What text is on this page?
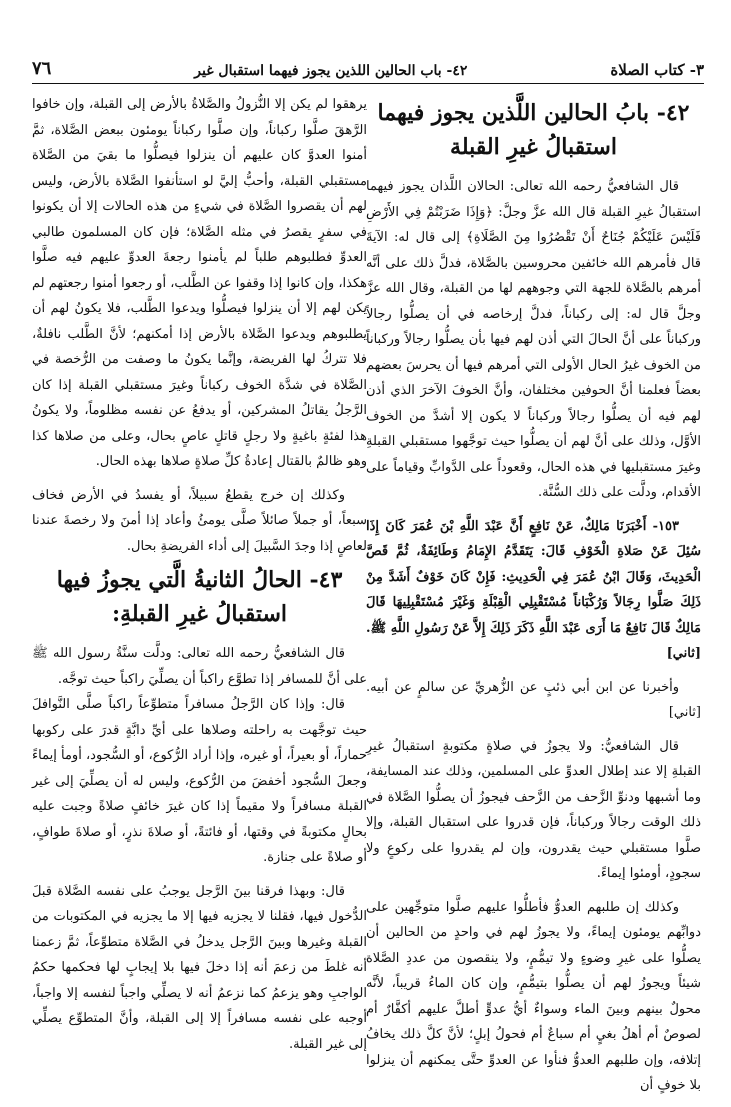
٣- كتاب الصلاة
٤٢- باب الحالين اللذين يجوز فيهما استقبال غير
٧٦
٤٢- بابُ الحالين اللَّذين يجوز فيهما استقبالُ غيرِ القبلة

قال الشافعيُّ رحمه الله تعالى: الحالان اللَّذان يجوز فيهما استقبالُ غيرِ القبلة قال الله عزَّ وجلَّ: ﴿وَإِذَا ضَرَبْتُمْ فِي الأَرْضِ فَلَيْسَ عَلَيْكُمْ جُنَاحٌ أَنْ تَقْصُرُوا مِنَ الصَّلَاةِ﴾ إلى قال له: الآيةَ قال فأمرهم الله خائفين محروسين بالصَّلاة، فدلَّ ذلك على أنَّه أمرهم بالصَّلاة للجهة التي وجوههم لها من القبلة، وقال الله عزَّ وجلَّ قال له: إلى ركباناً، فدلَّ إرخاصه في أن يصلُّوا رجالاً وركباناً على أنَّ الحالَ التي أذن لهم فيها بأن يصلُّوا رجالاً وركباناً من الخوف غيرُ الحال الأولى التي أمرهم فيها أن يحرسَ بعضهم بعضاً فعلمنا أنَّ الحوفين مختلفان، وأنَّ الخوفَ الآخرَ الذي أذن لهم فيه أن يصلُّوا رجالاً وركباناً لا يكون إلا أشدَّ من الخوف الأوَّل، وذلك على أنَّ لهم أن يصلُّوا حيث توجَّهوا مستقبلي القبلةِ وغيرَ مستقبليها في هذه الحال، وقعوداً على الدَّوابِّ وقياماً على الأقدام، ودلَّت على ذلك السُّنَّة.

١٥٣- أَخْبَرَنَا مَالِكٌ، عَنْ نَافِعٍ أَنَّ عَبْدَ اللَّهِ بْنَ عُمَرَ كَانَ إِذَا سُئِلَ عَنْ صَلاةِ الْخَوْفِ قَالَ: يَتَقَدَّمُ الإِمَامُ وَطَائِفَةٌ، ثُمَّ قَصَّ الْحَدِيثَ، وَقَالَ ابْنُ عُمَرَ فِي الْحَدِيثِ: فَإِنْ كَانَ خَوْفٌ أَشَدَّ مِنْ ذَلِكَ صَلَّوا رِجَالاً وَرُكْبَاناً مُسْتَقْبِلِي الْقِبْلَةِ وَغَيْرَ مُسْتَقْبِلِيهَا قَالَ مَالِكٌ قَالَ نَافِعٌ مَا أَرَى عَبْدَ اللَّهِ ذَكَرَ ذَلِكَ إِلاَّ عَنْ رَسُولِ اللَّهِ ﷺ. [ثاني]

وأخبرنا عن ابن أبي ذئبٍ عن الزُّهريِّ عن سالمٍ عن أبيه. [ثاني]

قال الشافعيُّ: ولا يجوزُ في صلاةٍ مكتوبةٍ استقبالُ غيرِ القبلةِ إلا عند إطلال العدوِّ على المسلمين، وذلك عند المسايفة، وما أشبهها ودنوِّ الزَّحف من الزَّحف فيجوزُ أن يصلُّوا الصَّلاة في ذلك الوقت رجالاً وركباناً، فإن قدروا على استقبال القبلة، وإلا صلَّوا مستقبلي حيث يقدرون، وإن لم يقدروا على ركوعٍ ولا سجودٍ، أومئوا إيماءً.

وكذلك إن طلبهم العدوُّ فأطلُّوا عليهم صلَّوا متوجِّهين على دوابِّهم يومئون إيماءً، ولا يجوزُ لهم في واحدٍ من الحالين أن يصلُّوا على غيرِ وضوءٍ ولا تيمُّمٍ، ولا ينقصون من عددِ الصَّلاة شيئاً ويجوزُ لهم أن يصلُّوا بتيمُّمٍ، وإن كان الماءُ قريباً، لأنَّه محولٌ بينهم وبينَ الماء وسواءٌ أيُّ عدوٍّ أطلَّ عليهم أكفَّارٌ أم لصوصٌ أم أهلُ بغيٍ أم سباعٌ أم فحولُ إبلٍ؛ لأنَّ كلَّ ذلك يخافُ إتلافه، وإن طلبهم العدوُّ فنأوا عن العدوِّ حتَّى يمكنهم أن ينزلوا بلا خوفٍ أن

يرهقوا لم يكن إلا النُّزولُ والصَّلاةُ بالأرض إلى القبلة، وإن خافوا الرَّهقَ صلَّوا ركباناً، وإن صلَّوا ركباناً يومئون ببعض الصَّلاة، ثمَّ أمنوا العدوَّ كان عليهم أن ينزلوا فيصلُّوا ما بقيَ من الصَّلاة مستقبلي القبلة، وأحبُّ إليَّ لو استأنفوا الصَّلاة بالأرض، وليس لهم أن يقصروا الصَّلاة في شيءٍ من هذه الحالات إلا أن يكونوا في سفرٍ يقصرُ في مثله الصَّلاة؛ فإن كان المسلمون طالبي العدوِّ فطلبوهم طلباً لم يأمنوا رجعةَ العدوِّ عليهم فيه صلَّوا هكذا، وإن كانوا إذا وقفوا عن الطَّلب، أو رجعوا أمنوا رجعتهم لم يكن لهم إلا أن ينزلوا فيصلُّوا ويدعوا الطَّلب، فلا يكونُ لهم أن يطلبوهم ويدعوا الصَّلاة بالأرض إذا أمكنهم؛ لأنَّ الطَّلب نافلةٌ، فلا تتركُ لها الفريضة، وإنَّما يكونُ ما وصفت من الرُّخصة في الصَّلاة في شدَّة الخوف ركباناً وغيرَ مستقبلي القبلة إذا كان الرَّجلُ يقاتلُ المشركين، أو يدفعُ عن نفسه مظلوماً، ولا يكونُ هذا لفئةٍ باغيةٍ ولا رجلٍ قاتلٍ عاصٍ بحال، وعلى من صلاها كذا وهو ظالمٌ بالقتال إعادةُ كلِّ صلاةٍ صلاها بهذه الحال.

وكذلك إن خرج يقطعُ سبيلاً، أو يفسدُ في الأرض فخاف سبعاً، أو جملاً صائلاً صلَّى يومئُ وأعاد إذا أمنَ ولا رخصةَ عندنا لعاصٍ إذا وجدَ السَّبيلَ إلى أداء الفريضةِ بحال.

٤٣- الحالُ الثانيةُ الَّتي يجوزُ فيها استقبالُ غيرِ القبلةِ:

قال الشافعيُّ رحمه الله تعالى: ودلَّت سنَّةُ رسول الله ﷺ على أنَّ للمسافر إذا تطوَّع راكباً أن يصلِّيَ راكباً حيث توجَّه.

قال: وإذا كان الرَّجلُ مسافراً متطوِّعاً راكباً صلَّى النَّوافلَ حيث توجَّهت به راحلته وصلاها على أيِّ دابَّةٍ قدرَ على ركوبها حماراً، أو بعيراً، أو غيره، وإذا أراد الرُّكوع، أو السُّجود، أومأ إيماءً وجعلَ السُّجود أخفضَ من الرُّكوع، وليس له أن يصلِّيَ إلى غير القبلة مسافراً ولا مقيماً إذا كان غيرَ خائفٍ صلاةً وجبت عليه بحالٍ مكتوبةً في وقتها، أو فائتةً، أو صلاةَ نذرٍ، أو صلاةَ طوافٍ، أو صلاةً على جنازة.

قال: وبهذا فرقنا بينَ الرَّجل يوجبُ على نفسه الصَّلاة قبلَ الدُّخول فيها، فقلنا لا يجزيه فيها إلا ما يجزيه في المكتوبات من القبلة وغيرها وبينَ الرَّجل يدخلُ في الصَّلاة متطوِّعاً، ثمَّ زعمنا أنه غلطَ من زعمَ أنه إذا دخلَ فيها بلا إيجابٍ لها فحكمها حكمُ الواجبِ وهو يزعمُ كما نزعمُ أنه لا يصلِّي واجباً لنفسه إلا واجباً، أوجبه على نفسه مسافراً إلا إلى القبلة، وأنَّ المتطوِّع يصلِّي إلى غير القبلة.
